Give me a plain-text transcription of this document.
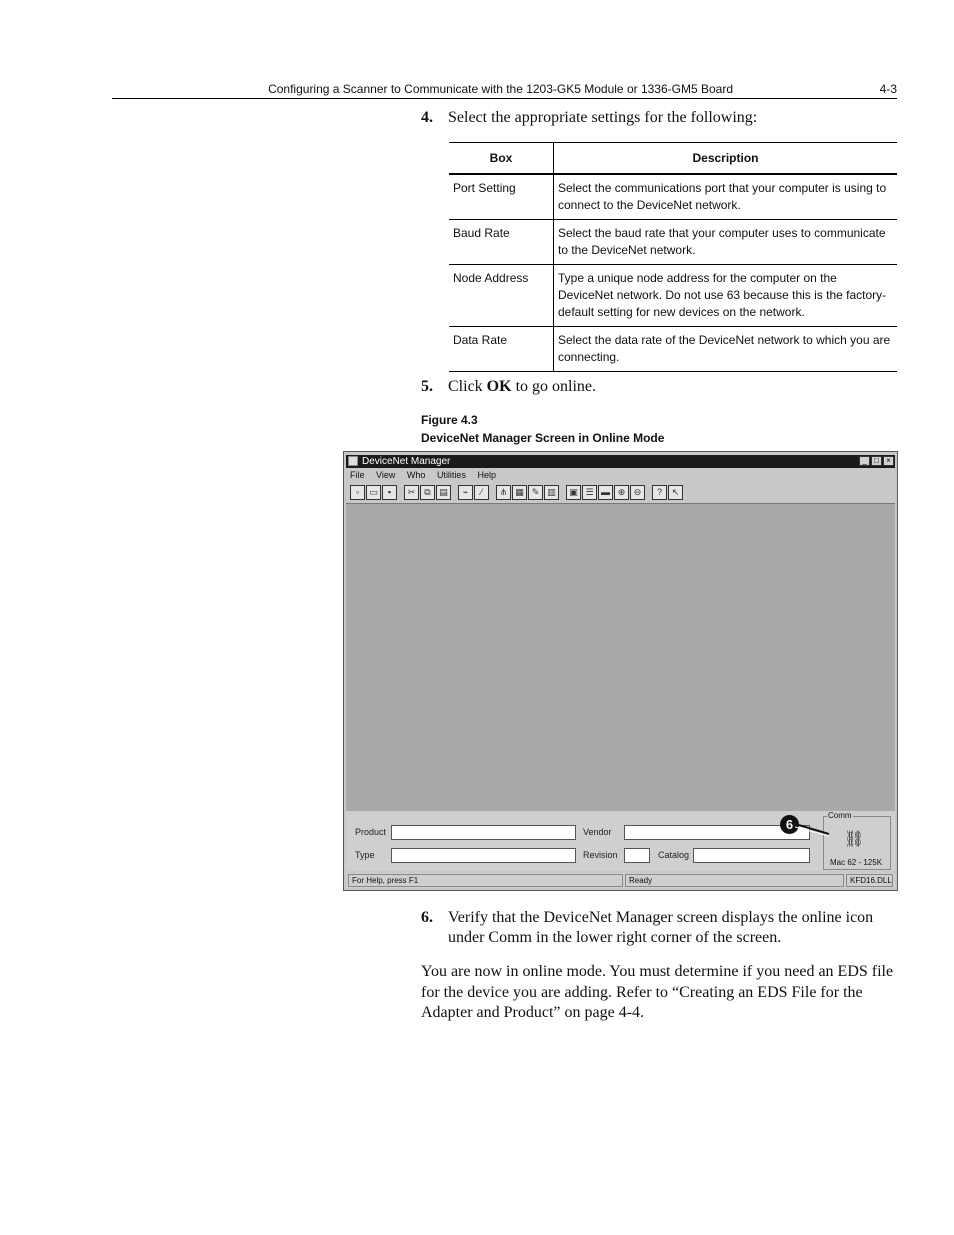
Configuring a Scanner to Communicate with the 1203-GK5 Module or 1336-GM5 Board	4-3
4. Select the appropriate settings for the following:
Box	Description
Port Setting	Select the communications port that your computer is using to connect to the DeviceNet network.
Baud Rate	Select the baud rate that your computer uses to communicate to the DeviceNet network.
Node Address	Type a unique node address for the computer on the DeviceNet network. Do not use 63 because this is the factory-default setting for new devices on the network.
Data Rate	Select the data rate of the DeviceNet network to which you are connecting.
5. Click OK to go online.
Figure 4.3
DeviceNet Manager Screen in Online Mode
DeviceNet Manager	_ □ ×
File View Who Utilities Help
▫	▭	▪	✂	⧉ ▤	⌁	⁄	⋔ ▦ ✎ ▥	▣ ☰ ▬ ⊕ ⊖	?	↖
Product
Type
Vendor
Revision	Catalog
Comm
⛓
Mac 62 - 125K
For Help, press F1	Ready	KFD16.DLL
6
6. Verify that the DeviceNet Manager screen displays the online icon under Comm in the lower right corner of the screen.
You are now in online mode. You must determine if you need an EDS file for the device you are adding. Refer to “Creating an EDS File for the Adapter and Product” on page 4-4.
